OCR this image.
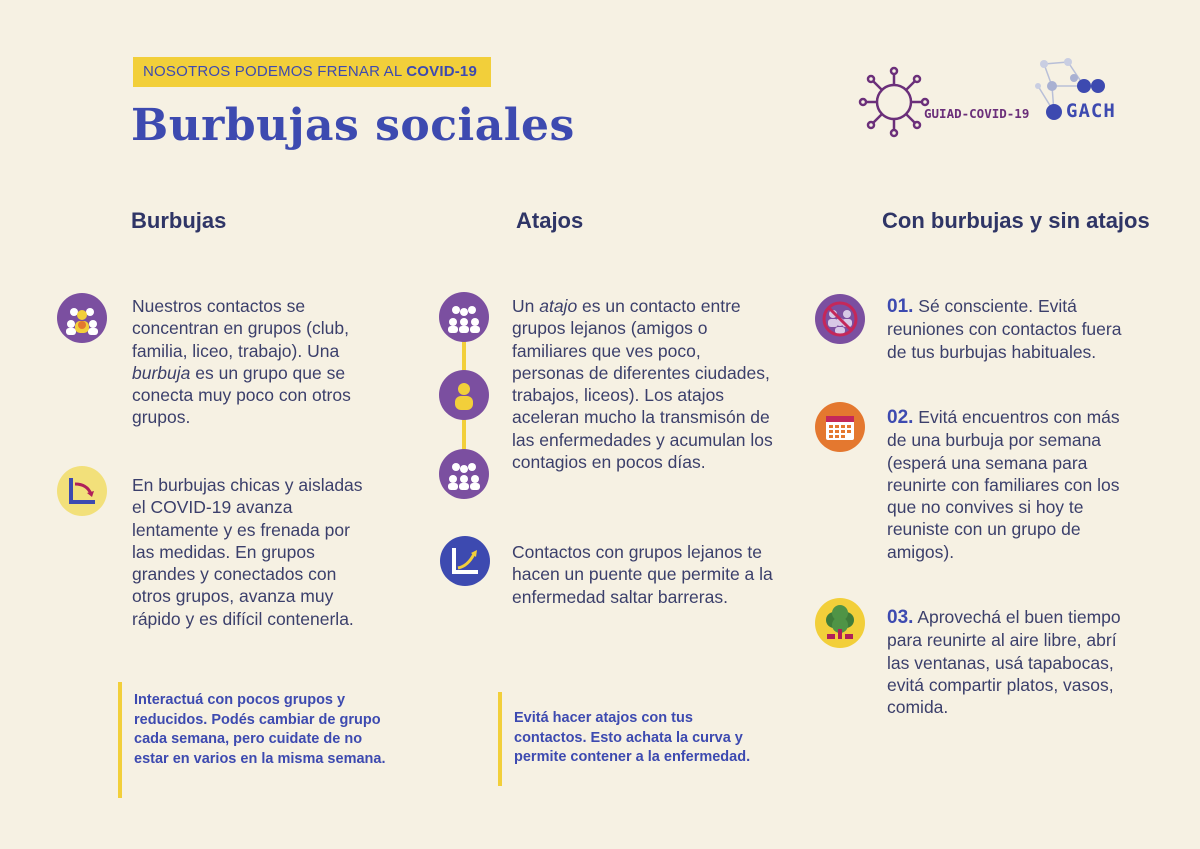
NOSOTROS PODEMOS FRENAR AL COVID-19
Burbujas sociales	GUIAD-COVID-19 GACH
Burbujas	Atajos	Con burbujas y sin atajos
Nuestros contactos se concentran en grupos (club, familia, liceo, trabajo). Una burbuja es un grupo que se conecta muy poco con otros grupos.
En burbujas chicas y aisladas el COVID-19 avanza lentamente y es frenada por las medidas. En grupos grandes y conectados con otros grupos, avanza muy rápido y es difícil contenerla.
Interactuá con pocos grupos y reducidos. Podés cambiar de grupo cada semana, pero cuidate de no estar en varios en la misma semana.
Un atajo es un contacto entre grupos lejanos (amigos o familiares que ves poco, personas de diferentes ciudades, trabajos, liceos). Los atajos aceleran mucho la transmisón de las enfermedades y acumulan los contagios en pocos días.
Contactos con grupos lejanos te hacen un puente que permite a la enfermedad saltar barreras.
Evitá hacer atajos con tus contactos. Esto achata la curva y permite contener a la enfermedad.
01. Sé consciente. Evitá reuniones con contactos fuera de tus burbujas habituales.
02. Evitá encuentros con más de una burbuja por semana (esperá una semana para reunirte con familiares con los que no convives si hoy te reuniste con un grupo de amigos).
03. Aprovechá el buen tiempo para reunirte al aire libre, abrí las ventanas, usá tapabocas, evitá compartir platos, vasos, comida.
